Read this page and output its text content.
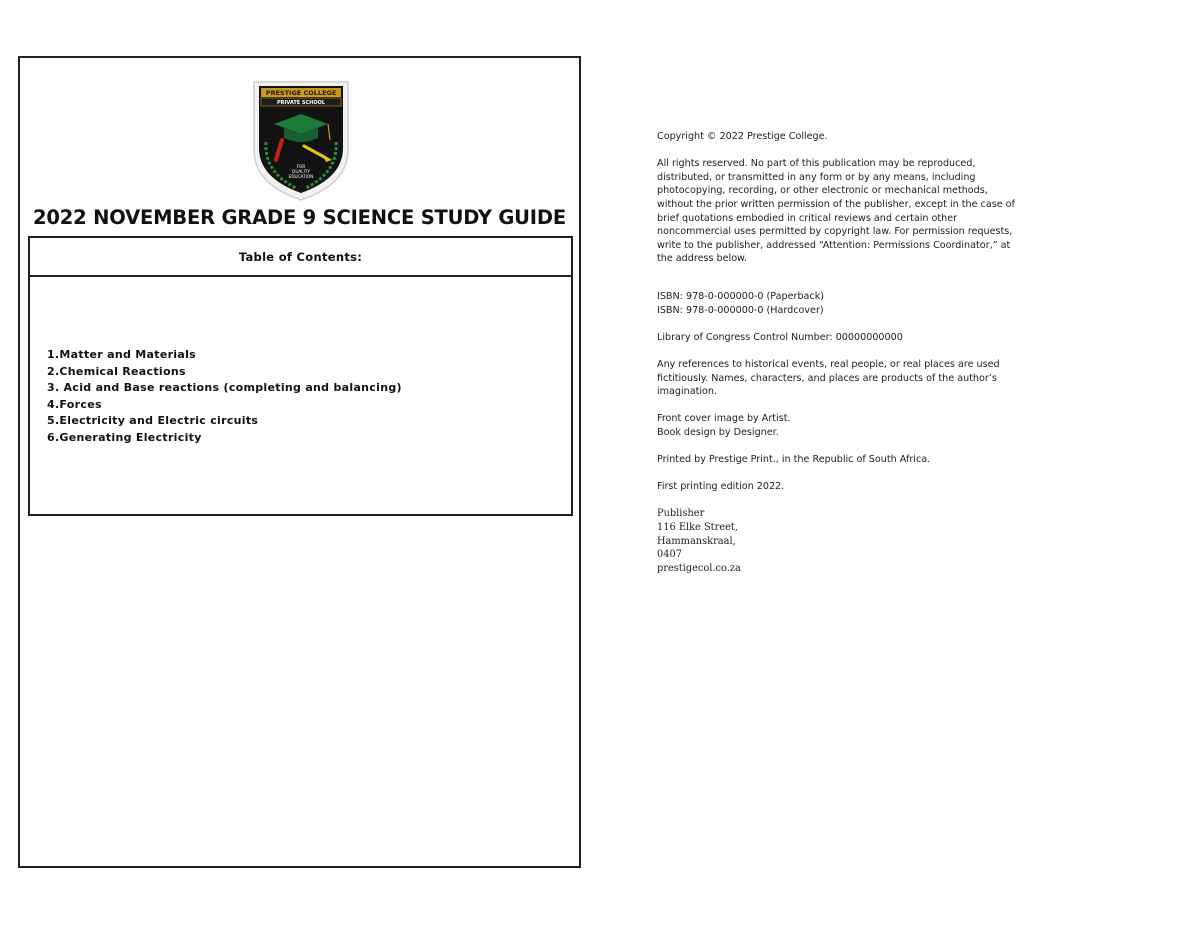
PRESTIGE COLLEGE
PRIVATE SCHOOL
FOR
QUALITY
EDUCATION
2022 NOVEMBER GRADE 9 SCIENCE STUDY GUIDE
Table of Contents:
1.Matter and Materials
2.Chemical Reactions
3. Acid and Base reactions (completing and balancing)
4.Forces
5.Electricity and Electric circuits
6.Generating Electricity

Copyright © 2022 Prestige College.

All rights reserved. No part of this publication may be reproduced, distributed, or transmitted in any form or by any means, including photocopying, recording, or other electronic or mechanical methods, without the prior written permission of the publisher, except in the case of brief quotations embodied in critical reviews and certain other noncommercial uses permitted by copyright law. For permission requests, write to the publisher, addressed “Attention: Permissions Coordinator,” at the address below.

ISBN: 978-0-000000-0 (Paperback)
ISBN: 978-0-000000-0 (Hardcover)

Library of Congress Control Number: 00000000000

Any references to historical events, real people, or real places are used fictitiously. Names, characters, and places are products of the author’s imagination.

Front cover image by Artist.
Book design by Designer.

Printed by Prestige Print., in the Republic of South Africa.

First printing edition 2022.

Publisher
116 Elke Street,
Hammanskraal,
0407
prestigecol.co.za
